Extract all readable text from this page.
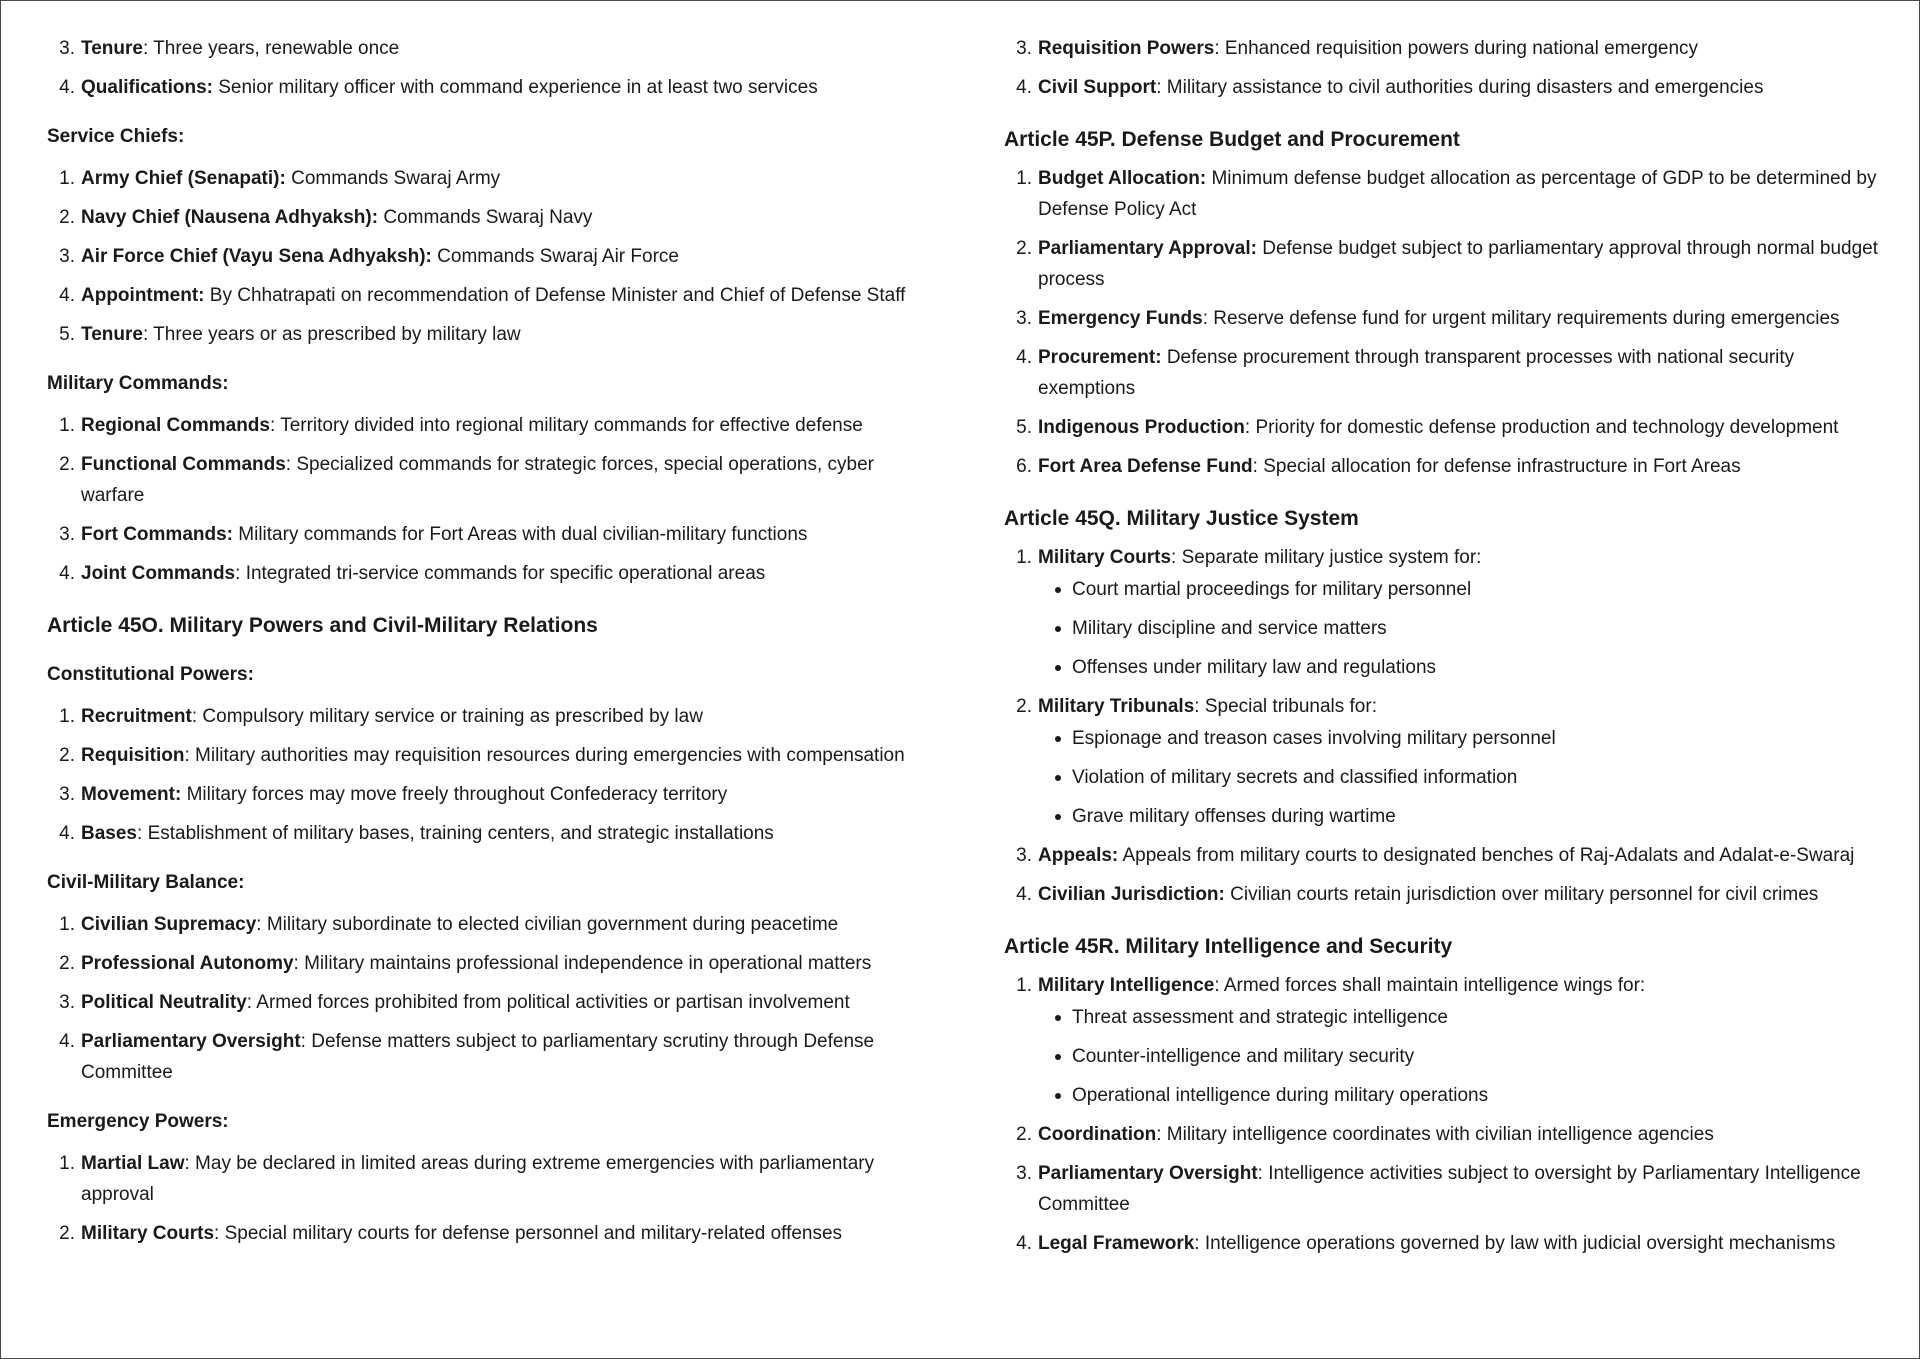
3. Tenure: Three years, renewable once
4. Qualifications: Senior military officer with command experience in at least two services
Service Chiefs:
1. Army Chief (Senapati): Commands Swaraj Army
2. Navy Chief (Nausena Adhyaksh): Commands Swaraj Navy
3. Air Force Chief (Vayu Sena Adhyaksh): Commands Swaraj Air Force
4. Appointment: By Chhatrapati on recommendation of Defense Minister and Chief of Defense Staff
5. Tenure: Three years or as prescribed by military law
Military Commands:
1. Regional Commands: Territory divided into regional military commands for effective defense
2. Functional Commands: Specialized commands for strategic forces, special operations, cyber warfare
3. Fort Commands: Military commands for Fort Areas with dual civilian-military functions
4. Joint Commands: Integrated tri-service commands for specific operational areas
Article 45O. Military Powers and Civil-Military Relations
Constitutional Powers:
1. Recruitment: Compulsory military service or training as prescribed by law
2. Requisition: Military authorities may requisition resources during emergencies with compensation
3. Movement: Military forces may move freely throughout Confederacy territory
4. Bases: Establishment of military bases, training centers, and strategic installations
Civil-Military Balance:
1. Civilian Supremacy: Military subordinate to elected civilian government during peacetime
2. Professional Autonomy: Military maintains professional independence in operational matters
3. Political Neutrality: Armed forces prohibited from political activities or partisan involvement
4. Parliamentary Oversight: Defense matters subject to parliamentary scrutiny through Defense Committee
Emergency Powers:
1. Martial Law: May be declared in limited areas during extreme emergencies with parliamentary approval
2. Military Courts: Special military courts for defense personnel and military-related offenses
3. Requisition Powers: Enhanced requisition powers during national emergency
4. Civil Support: Military assistance to civil authorities during disasters and emergencies
Article 45P. Defense Budget and Procurement
1. Budget Allocation: Minimum defense budget allocation as percentage of GDP to be determined by Defense Policy Act
2. Parliamentary Approval: Defense budget subject to parliamentary approval through normal budget process
3. Emergency Funds: Reserve defense fund for urgent military requirements during emergencies
4. Procurement: Defense procurement through transparent processes with national security exemptions
5. Indigenous Production: Priority for domestic defense production and technology development
6. Fort Area Defense Fund: Special allocation for defense infrastructure in Fort Areas
Article 45Q. Military Justice System
1. Military Courts: Separate military justice system for:
Court martial proceedings for military personnel
Military discipline and service matters
Offenses under military law and regulations
2. Military Tribunals: Special tribunals for:
Espionage and treason cases involving military personnel
Violation of military secrets and classified information
Grave military offenses during wartime
3. Appeals: Appeals from military courts to designated benches of Raj-Adalats and Adalat-e-Swaraj
4. Civilian Jurisdiction: Civilian courts retain jurisdiction over military personnel for civil crimes
Article 45R. Military Intelligence and Security
1. Military Intelligence: Armed forces shall maintain intelligence wings for:
Threat assessment and strategic intelligence
Counter-intelligence and military security
Operational intelligence during military operations
2. Coordination: Military intelligence coordinates with civilian intelligence agencies
3. Parliamentary Oversight: Intelligence activities subject to oversight by Parliamentary Intelligence Committee
4. Legal Framework: Intelligence operations governed by law with judicial oversight mechanisms
